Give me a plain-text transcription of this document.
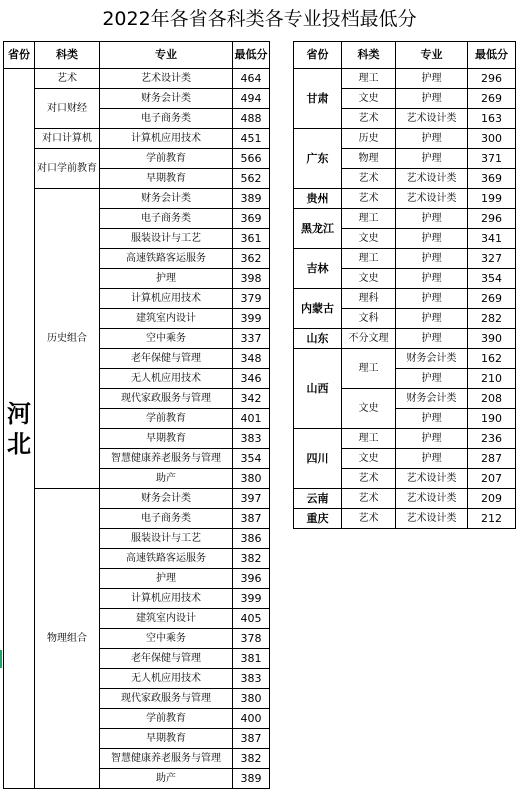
2022年各省各科类各专业投档最低分
省份	科类	专业	最低分
河北	艺术	艺术设计类	464
	对口财经	财务会计类	494
		电子商务类	488
	对口计算机	计算机应用技术	451
	对口学前教育	学前教育	566
		早期教育	562
	历史组合	财务会计类	389
		电子商务类	369
		服装设计与工艺	361
		高速铁路客运服务	362
		护理	398
		计算机应用技术	379
		建筑室内设计	399
		空中乘务	337
		老年保健与管理	348
		无人机应用技术	346
		现代家政服务与管理	342
		学前教育	401
		早期教育	383
		智慧健康养老服务与管理	354
		助产	380
	物理组合	财务会计类	397
		电子商务类	387
		服装设计与工艺	386
		高速铁路客运服务	382
		护理	396
		计算机应用技术	399
		建筑室内设计	405
		空中乘务	378
		老年保健与管理	381
		无人机应用技术	383
		现代家政服务与管理	380
		学前教育	400
		早期教育	387
		智慧健康养老服务与管理	382
		助产	389
省份	科类	专业	最低分
甘肃	理工	护理	296
	文史	护理	269
	艺术	艺术设计类	163
广东	历史	护理	300
	物理	护理	371
	艺术	艺术设计类	369
贵州	艺术	艺术设计类	199
黑龙江	理工	护理	296
	文史	护理	341
吉林	理工	护理	327
	文史	护理	354
内蒙古	理科	护理	269
	文科	护理	282
山东	不分文理	护理	390
山西	理工	财务会计类	162
		护理	210
	文史	财务会计类	208
		护理	190
四川	理工	护理	236
	文史	护理	287
	艺术	艺术设计类	207
云南	艺术	艺术设计类	209
重庆	艺术	艺术设计类	212
